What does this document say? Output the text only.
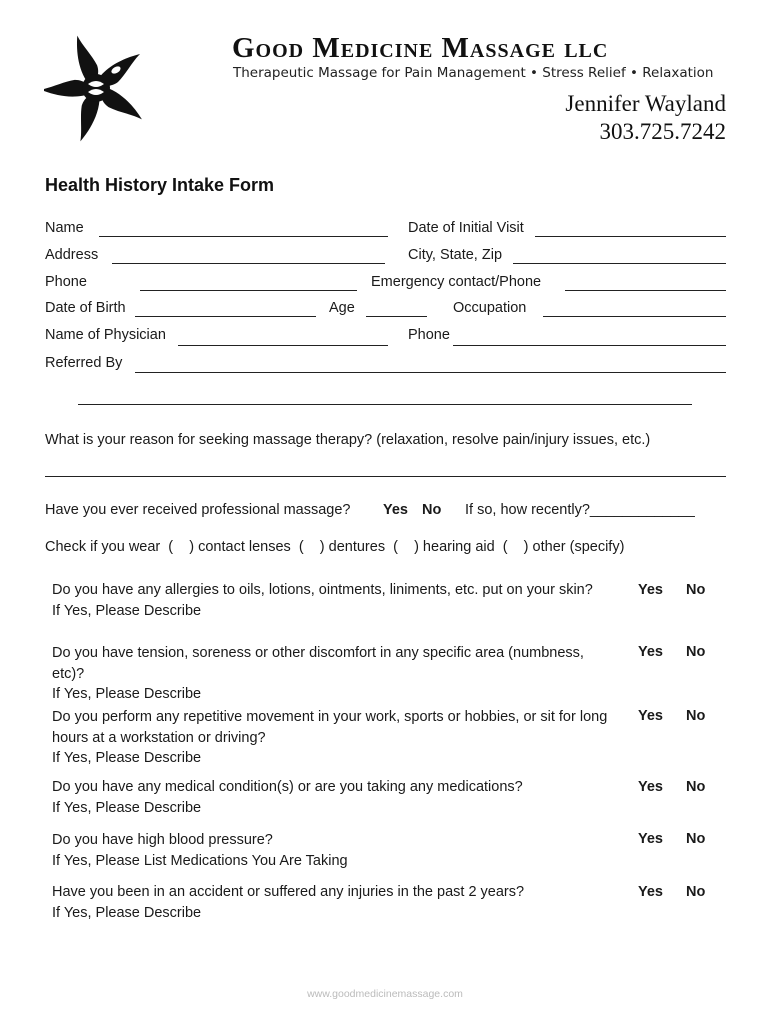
Good Medicine Massage LLC
Therapeutic Massage for Pain Management • Stress Relief • Relaxation
Jennifer Wayland
303.725.7242
Health History Intake Form
Name	Date of Initial Visit
Address	City, State, Zip
Phone	Emergency contact/Phone
Date of Birth	Age	Occupation
Name of Physician	Phone
Referred By
What is your reason for seeking massage therapy? (relaxation, resolve pain/injury issues, etc.)
Have you ever received professional massage? Yes No If so, how recently?_____________
Check if you wear  (    ) contact lenses  (    ) dentures  (    ) hearing aid  (    ) other (specify)
Do you have any allergies to oils, lotions, ointments, liniments, etc. put on your skin?
If Yes, Please Describe
Yes No
Do you have tension, soreness or other discomfort in any specific area (numbness, etc)?
If Yes, Please Describe
Yes No
Do you perform any repetitive movement in your work, sports or hobbies, or sit for long hours at a workstation or driving?
If Yes, Please Describe
Yes No
Do you have any medical condition(s) or are you taking any medications?
If Yes, Please Describe
Yes No
Do you have high blood pressure?
If Yes, Please List Medications You Are Taking
Yes No
Have you been in an accident or suffered any injuries in the past 2 years?
If Yes, Please Describe
Yes No
www.goodmedicinemassage.com
